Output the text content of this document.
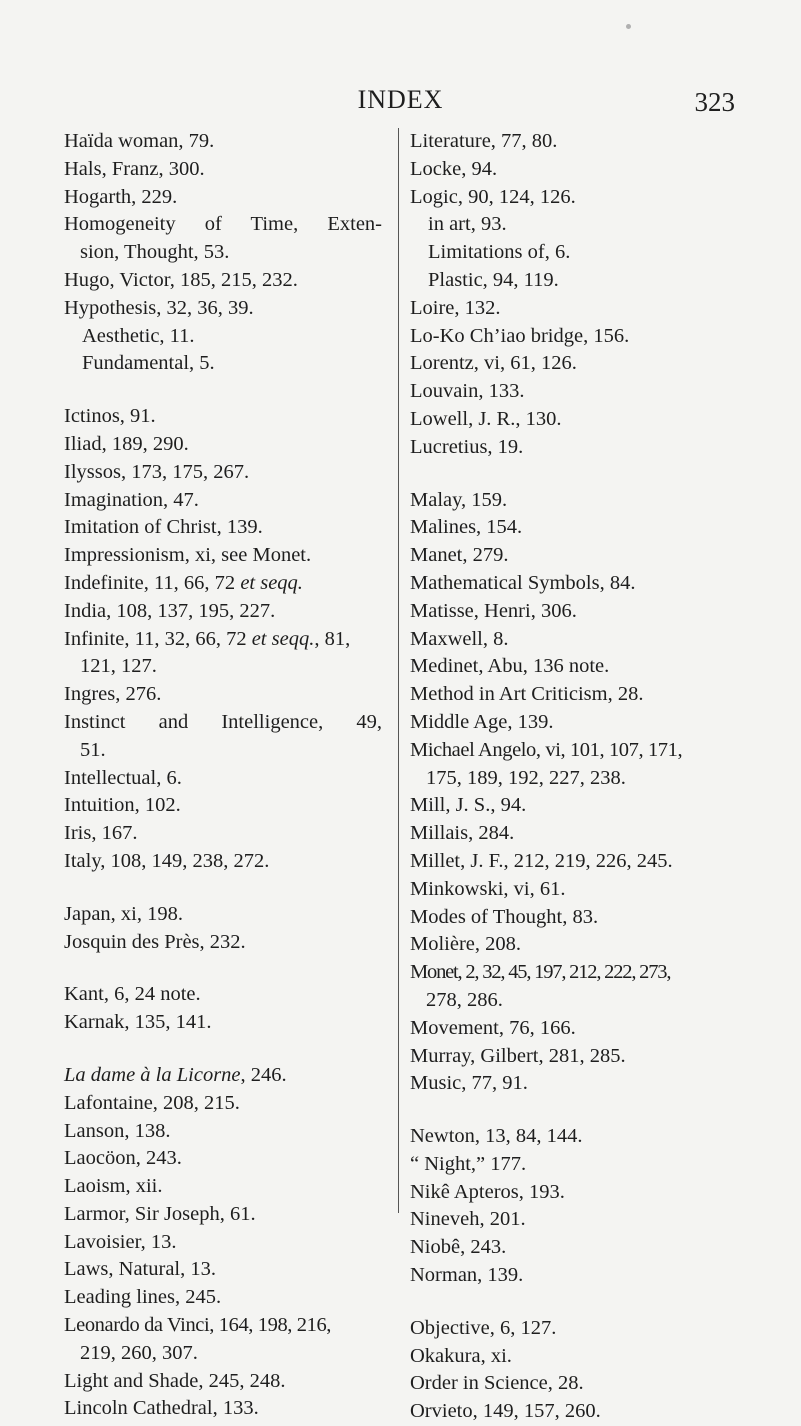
INDEX	323

Haïda woman, 79.

Hals, Franz, 300.

Hogarth, 229.

Homogeneity of Time, Exten-

sion, Thought, 53.

Hugo, Victor, 185, 215, 232.

Hypothesis, 32, 36, 39.

Aesthetic, 11.

Fundamental, 5.

Ictinos, 91.

Iliad, 189, 290.

Ilyssos, 173, 175, 267.

Imagination, 47.

Imitation of Christ, 139.

Impressionism, xi, see Monet.

Indefinite, 11, 66, 72 et seqq.

India, 108, 137, 195, 227.

Infinite, 11, 32, 66, 72 et seqq., 81,

121, 127.

Ingres, 276.

Instinct and Intelligence, 49,

51.

Intellectual, 6.

Intuition, 102.

Iris, 167.

Italy, 108, 149, 238, 272.

Japan, xi, 198.

Josquin des Près, 232.

Kant, 6, 24 note.

Karnak, 135, 141.

La dame à la Licorne, 246.

Lafontaine, 208, 215.

Lanson, 138.

Laocöon, 243.

Laoism, xii.

Larmor, Sir Joseph, 61.

Lavoisier, 13.

Laws, Natural, 13.

Leading lines, 245.

Leonardo da Vinci, 164, 198, 216,

219, 260, 307.

Light and Shade, 245, 248.

Lincoln Cathedral, 133.

Literature, 77, 80.

Locke, 94.

Logic, 90, 124, 126.

in art, 93.

Limitations of, 6.

Plastic, 94, 119.

Loire, 132.

Lo-Ko Ch’iao bridge, 156.

Lorentz, vi, 61, 126.

Louvain, 133.

Lowell, J. R., 130.

Lucretius, 19.

Malay, 159.

Malines, 154.

Manet, 279.

Mathematical Symbols, 84.

Matisse, Henri, 306.

Maxwell, 8.

Medinet, Abu, 136 note.

Method in Art Criticism, 28.

Middle Age, 139.

Michael Angelo, vi, 101, 107, 171,

175, 189, 192, 227, 238.

Mill, J. S., 94.

Millais, 284.

Millet, J. F., 212, 219, 226, 245.

Minkowski, vi, 61.

Modes of Thought, 83.

Molière, 208.

Monet, 2, 32, 45, 197, 212, 222, 273,

278, 286.

Movement, 76, 166.

Murray, Gilbert, 281, 285.

Music, 77, 91.

Newton, 13, 84, 144.

“ Night,” 177.

Nikê Apteros, 193.

Nineveh, 201.

Niobê, 243.

Norman, 139.

Objective, 6, 127.

Okakura, xi.

Order in Science, 28.

Orvieto, 149, 157, 260.
